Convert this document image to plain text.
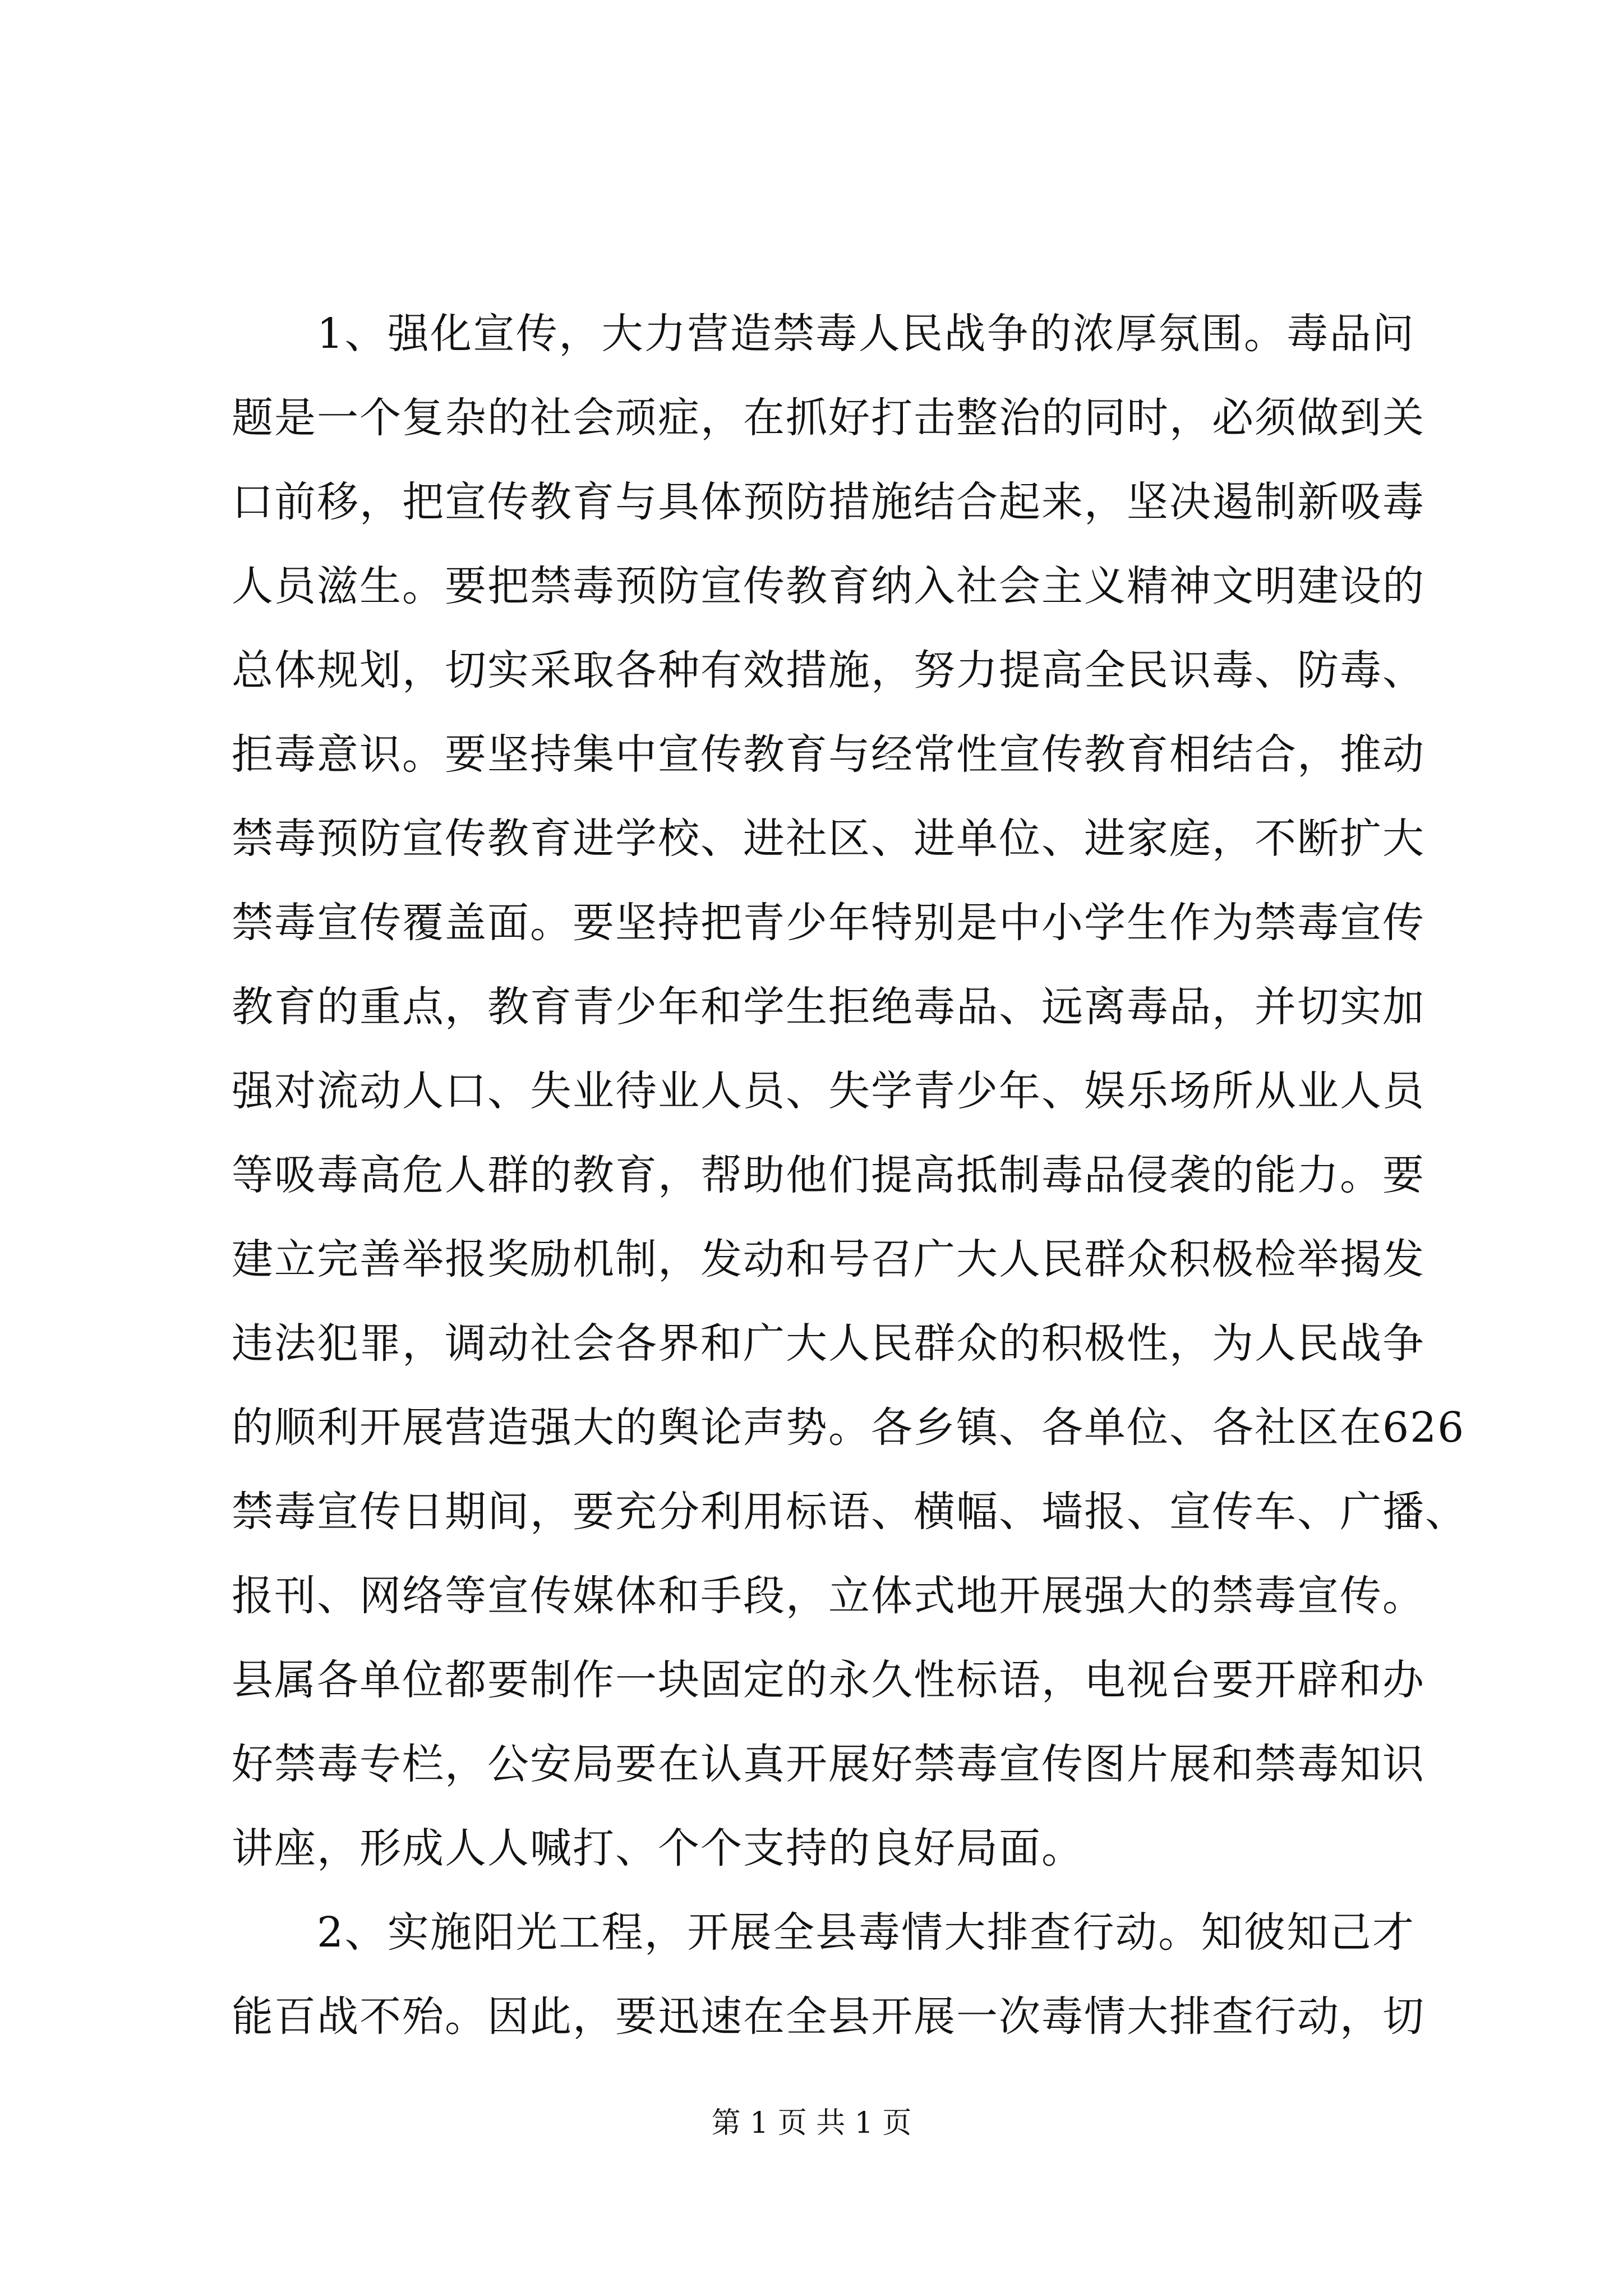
1、强化宣传，大力营造禁毒人民战争的浓厚氛围。毒品问
题是一个复杂的社会顽症，在抓好打击整治的同时，必须做到关
口前移，把宣传教育与具体预防措施结合起来，坚决遏制新吸毒
人员滋生。要把禁毒预防宣传教育纳入社会主义精神文明建设的
总体规划，切实采取各种有效措施，努力提高全民识毒、防毒、
拒毒意识。要坚持集中宣传教育与经常性宣传教育相结合，推动
禁毒预防宣传教育进学校、进社区、进单位、进家庭，不断扩大
禁毒宣传覆盖面。要坚持把青少年特别是中小学生作为禁毒宣传
教育的重点，教育青少年和学生拒绝毒品、远离毒品，并切实加
强对流动人口、失业待业人员、失学青少年、娱乐场所从业人员
等吸毒高危人群的教育，帮助他们提高抵制毒品侵袭的能力。要
建立完善举报奖励机制，发动和号召广大人民群众积极检举揭发
违法犯罪，调动社会各界和广大人民群众的积极性，为人民战争
的顺利开展营造强大的舆论声势。各乡镇、各单位、各社区在626
禁毒宣传日期间，要充分利用标语、横幅、墙报、宣传车、广播、
报刊、网络等宣传媒体和手段，立体式地开展强大的禁毒宣传。
县属各单位都要制作一块固定的永久性标语，电视台要开辟和办
好禁毒专栏，公安局要在认真开展好禁毒宣传图片展和禁毒知识
讲座，形成人人喊打、个个支持的良好局面。
2、实施阳光工程，开展全县毒情大排查行动。知彼知己才
能百战不殆。因此，要迅速在全县开展一次毒情大排查行动，切
第 1 页 共 1 页
